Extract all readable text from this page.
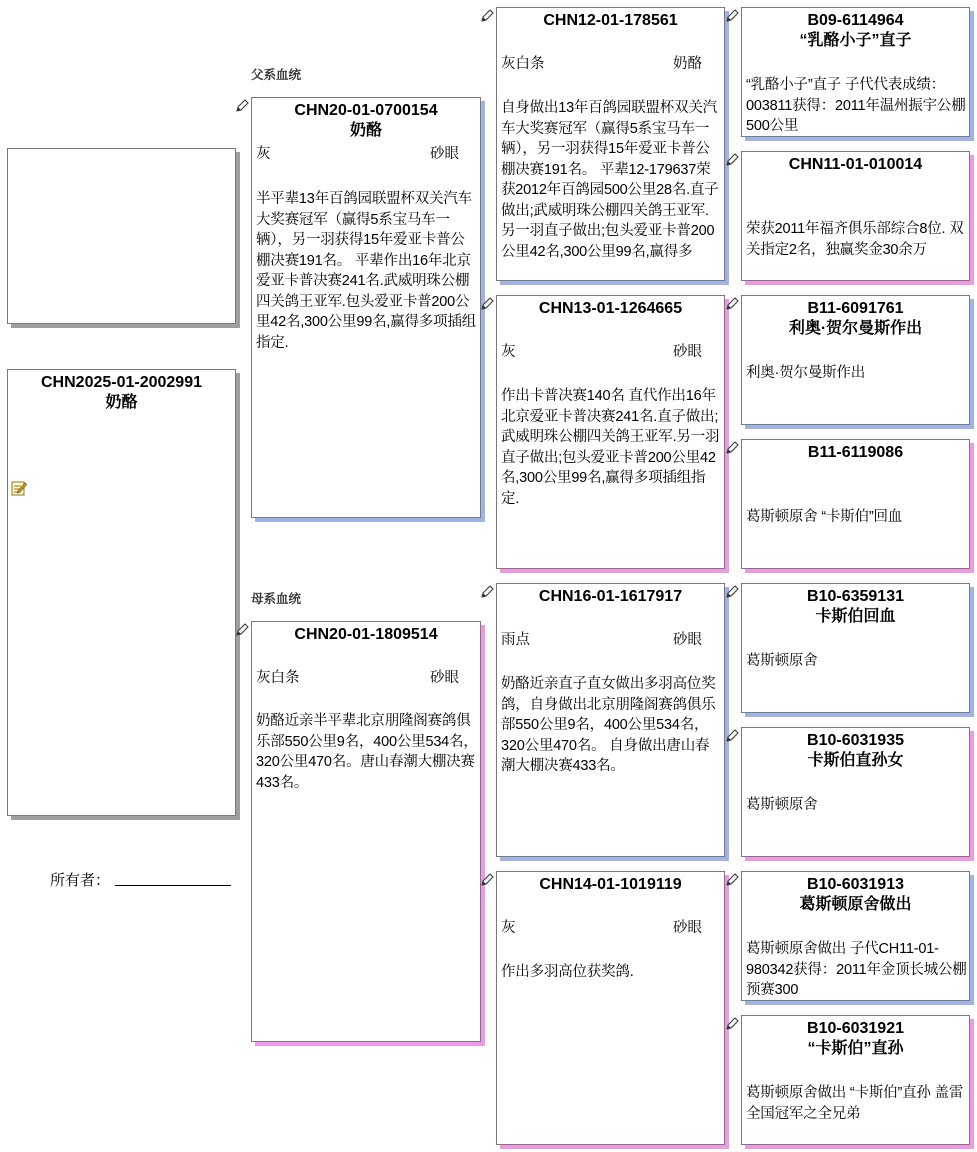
CHN2025-01-2002991
奶酪
所有者：
父系血统
母系血统
CHN20-01-0700154
奶酪
灰	砂眼
半平辈13年百鸽园联盟杯双关汽车大奖赛冠军（赢得5系宝马车一辆），另一羽获得15年爱亚卡普公棚决赛191名。 平辈作出16年北京爱亚卡普决赛241名.武威明珠公棚四关鸽王亚军.包头爱亚卡普200公里42名,300公里99名,赢得多项插组指定.
CHN20-01-1809514
灰白条	砂眼
奶酪近亲半平辈北京朋隆阁赛鸽俱乐部550公里9名，400公里534名，320公里470名。唐山春潮大棚决赛433名。
CHN12-01-178561
灰白条	奶酪
自身做出13年百鸽园联盟杯双关汽车大奖赛冠军（赢得5系宝马车一辆），另一羽获得15年爱亚卡普公棚决赛191名。 平辈12-179637荣获2012年百鸽园500公里28名.直子做出;武威明珠公棚四关鸽王亚军.另一羽直子做出;包头爱亚卡普200公里42名,300公里99名,赢得多
CHN13-01-1264665
灰	砂眼
作出卡普决赛140名 直代作出16年北京爱亚卡普决赛241名.直子做出;武威明珠公棚四关鸽王亚军.另一羽直子做出;包头爱亚卡普200公里42名,300公里99名,赢得多项插组指定.
CHN16-01-1617917
雨点	砂眼
奶酪近亲直子直女做出多羽高位奖鸽，自身做出北京朋隆阁赛鸽俱乐部550公里9名，400公里534名，320公里470名。 自身做出唐山春潮大棚决赛433名。
CHN14-01-1019119
灰	砂眼
作出多羽高位获奖鸽.
B09-6114964
“乳酪小子”直子
“乳酪小子”直子 子代代表成绩：003811获得：2011年温州振宇公棚500公里
CHN11-01-010014
荣获2011年福齐俱乐部综合8位. 双关指定2名，独赢奖金30余万
B11-6091761
利奥·贺尔曼斯作出
利奥·贺尔曼斯作出
B11-6119086
葛斯顿原舍 “卡斯伯”回血
B10-6359131
卡斯伯回血
葛斯顿原舍
B10-6031935
卡斯伯直孙女
葛斯顿原舍
B10-6031913
葛斯顿原舍做出
葛斯顿原舍做出 子代CH11-01-980342获得：2011年金顶长城公棚预赛300
B10-6031921
“卡斯伯”直孙
葛斯顿原舍做出 “卡斯伯”直孙 盖雷全国冠军之全兄弟
